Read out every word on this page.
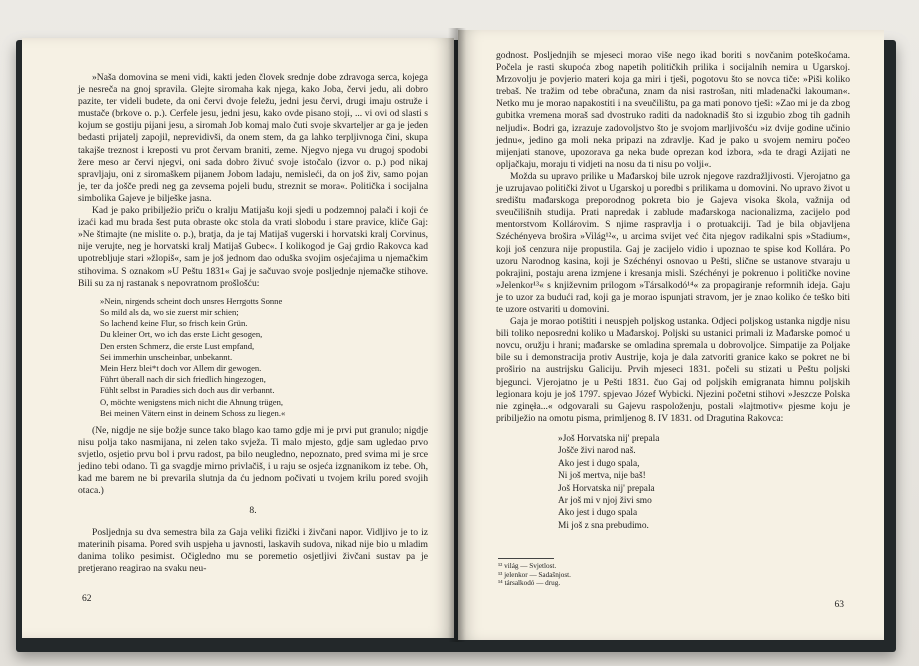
»Naša domovina se meni vidi, kakti jeden človek srednje dobe zdravoga serca, kojega je nesreča na gnoj spravila. Glejte siromaha kak njega, kako Joba, červi jedu, ali dobro pazite, ter videli budete, da oni červi dvoje feležu, jedni jesu červi, drugi imaju ostruže i mustače (brkove o. p.). Cerfele jesu, jedni jesu, kako ovde pisano stoji, ... vi ovi od slasti s kojum se gostiju pijani jesu, a siromah Job komaj malo čuti svoje skvarteljer ar ga je jeden bedasti prijatelj zapojil, neprevidivši, da onem stem, da ga lahko terpljivnoga čini, skupa takajše treznost i kreposti vu prot červam braniti, zeme. Njegvo njega vu drugoj spodobi žere meso ar červi njegvi, oni sada dobro živuć svoje istočalo (izvor o. p.) pod nikaj spravljaju, oni z siromaškem pijanem Jobom ladaju, nemislеći, da on još živ, samo pojan je, ter da jošče predi neg ga zevsema pojeli budu, streznit se mora«. Politička i socijalna simbolika Gajeve je bilješke jasna.

Kad je pako pribilježio priču o kralju Matijašu koji sjedi u podzemnoj palači i koji će izaći kad mu brada šest puta obraste okc stola da vrati slobodu i stare pravice, kliče Gaj: »Ne štimajte (ne mislite o. p.), bratja, da je taj Matijaš vugerski i horvatski kralj Corvinus, nije verujte, neg je horvatski kralj Matijaš Gubec«. I kolikogod je Gaj grdio Rakovca kad upotrebljuje stari »žlopiš«, sam je još jednom dao oduška svojim osjećajima u njemačkim stihovima. S oznakom »U Peštu 1831« Gaj je sačuvao svoje posljednje njemačke stihove. Bili su za nj rastanak s nepovratnom prošlošću:

»Nein, nirgends scheint doch unsres Herrgotts Sonne
So mild als da, wo sie zuerst mir schien;
So lachend keine Flur, so frisch kein Grün.
Du kleiner Ort, wo ich das erste Licht gesogen,
Den ersten Schmerz, die erste Lust empfand,
Sei immerhin unscheinbar, unbekannt.
Mein Herz blei*t doch vor Allem dir gewogen.
Führt überall nach dir sich friedlich hingezogen,
Fühlt selbst in Paradies sich doch aus dir verbannt.
O, möchte wenigstens mich nicht die Ahnung trügen,
Bei meinen Vätern einst in deinem Schoss zu liegen.«

(Ne, nigdje ne sije božje sunce tako blago kao tamo gdje mi je prvi put granulo; nigdje nisu polja tako nasmijana, ni zelen tako svježa. Ti malo mjesto, gdje sam ugledao prvo svjetlo, osjetio prvu bol i prvu radost, pa bilo neugledno, nepoznato, pred svima mi je srce jedino tebi odano. Ti ga svagdje mirno privlačiš, i u raju se osjeća izgnanikom iz tebe. Oh, kad me barem ne bi prevarila slutnja da ću jednom počivati u tvojem krilu pored svojih otaca.)

8.

Posljednja su dva semestra bila za Gaja veliki fizički i živčani napor. Vidljivo je to iz materinih pisama. Pored svih uspjeha u javnosti, laskavih sudova, nikad nije bio u mladim danima toliko pesimist. Očigledno mu se poremetio osjetljivi živčani sustav pa je pretjerano reagirao na svaku neu-

62

godnost. Posljednjih se mjeseci morao više nego ikad boriti s novčanim poteškoćama. Počela je rasti skupoća zbog napetih političkih prilika i socijalnih nemira u Ugarskoj. Mrzovolju je povjerio materi koja ga miri i tješi, pogotovu što se novca tiče: »Piši koliko trebaš. Ne tražim od tebe obračuna, znam da nisi rastrošan, niti mladenački lakouman«. Netko mu je morao napakostiti i na sveučilištu, pa ga mati ponovo tješi: »Zao mi je da zbog gubitka vremena moraš sad dvostruko raditi da nadoknadiš što si izgubio zbog tih gadnih neljudi«. Bodri ga, izrazuje zadovoljstvo što je svojom marljivošću »iz dvije godine učinio jednu«, jedino ga moli neka pripazi na zdravlje. Kad je pako u svojem nemiru počeo mijenjati stanove, upozorava ga neka bude oprezan kod izbora, »da te dragi Azijati ne opljačkaju, moraju ti vidjeti na nosu da ti nisu po volji«.

Možda su upravo prilike u Mađarskoj bile uzrok njegove razdražljivosti. Vjerojatno ga je uzrujavao politički život u Ugarskoj u poredbi s prilikama u domovini. No upravo život u središtu mađarskoga preporodnog pokreta bio je Gajeva visoka škola, važnija od sveučilišnih studija. Prati napredak i zablude mađarskoga nacionalizma, zaciјelo pod mentorstvom Kollárovim. S njime raspravlja i o protuakciji. Tad je bila objavljena Széchényeva brošira »Világ¹²«, u arcima svijet već čita njegov radikalni spis »Stadium«, koji još cenzura nije propustila. Gaj je zacijelo vidio i upoznao te spise kod Kollára. Po uzoru Narodnog kasina, koji je Széchényi osnovao u Pešti, slične se ustanove stvaraju u pokrajini, postaju arena izmjene i kresanja misli. Széchényi je pokrenuo i političke novine »Jelenkor¹³« s književnim prilogom »Társalkodó¹⁴« za propagiranje reformnih ideja. Gaju je to uzor za budući rad, koji ga je morao ispunjati stravom, jer je znao koliko će teško biti te uzore ostvariti u domovini.

Gaja je morao potištiti i neuspjeh poljskog ustanka. Odjeci poljskog ustanka nigdje nisu bili toliko neposredni koliko u Mađarskoj. Poljski su ustanici primali iz Mađarske pomoć u novcu, oružju i hrani; mađarske se omladina spremala u dobrovoljce. Simpatije za Poljake bile su i demonstracija protiv Austrije, koja je dala zatvoriti granice kako se pokret ne bi proširio na austrijsku Galiciju. Prvih mjeseci 1831. počeli su stizati u Peštu poljski bjegunci. Vjerojatno je u Pešti 1831. čuo Gaj od poljskih emigranata himnu poljskih legionara koju je još 1797. spjevao Józef Wybicki. Njezini početni stihovi »Jeszcze Polska nie zginęła...« odgovarali su Gajevu raspoloženju, postali »lajtmotiv« pjesme koju je pribilježio na omotu pisma, primljenog 8. IV 1831. od Dragutina Rakovca:

»Još Horvatska nij' prepala
Jošče živi narod naš.
Ako jest i dugo spala,
Ni još mertva, nije baš!
Još Horvatska nij' prepala
Ar još mi v njoj živi smo
Ako jest i dugo spala
Mi još z sna prebudimo.
¹² világ — Svjetlost.
¹³ jelenkor — Sadašnjost.
¹⁴ társalkodó — drug.
63
